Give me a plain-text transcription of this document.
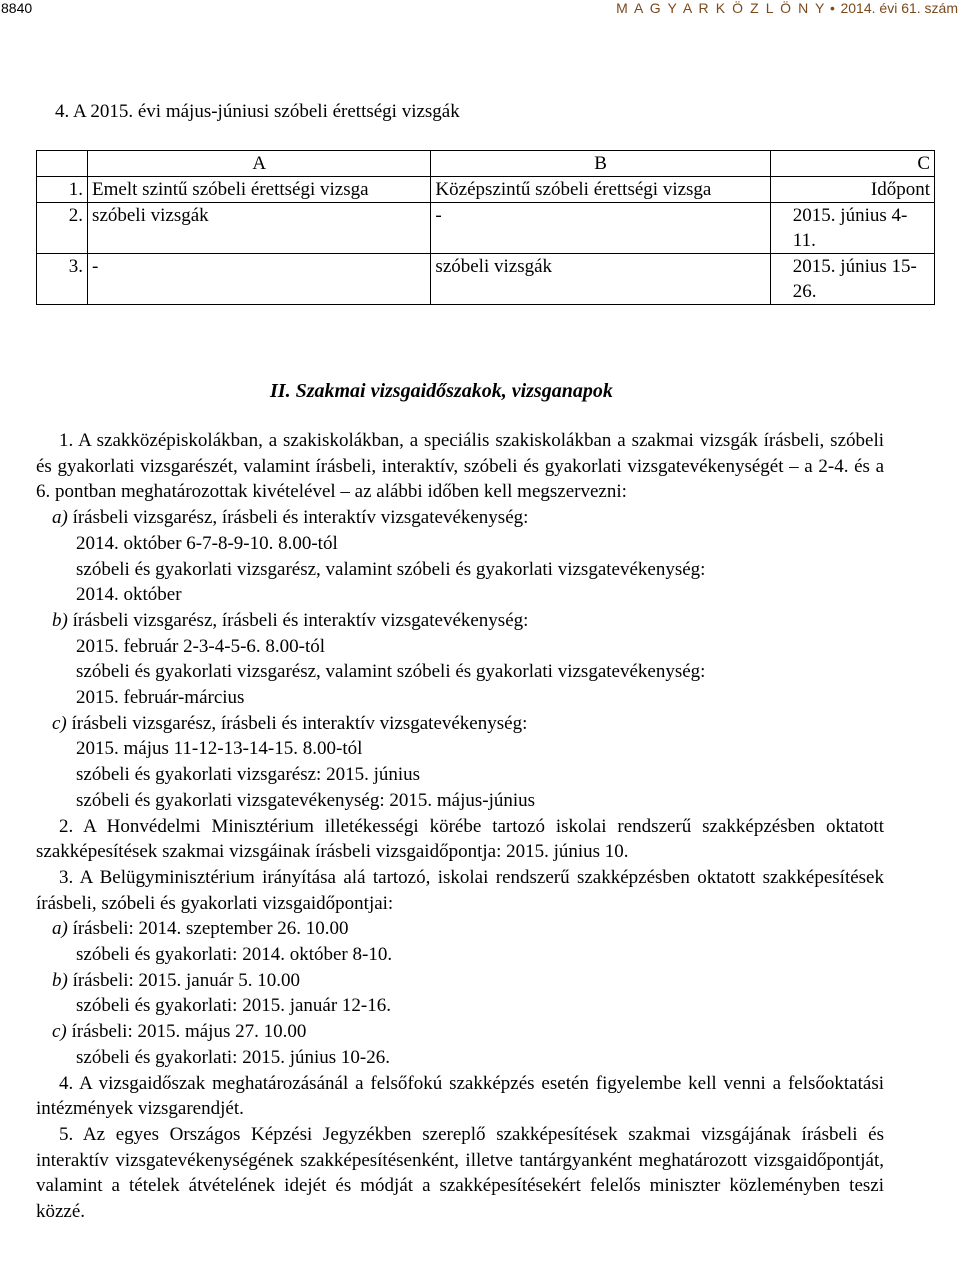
8840	M A G Y A R K Ö Z L Ö N Y • 2014. évi 61. szám
4. A 2015. évi május-júniusi szóbeli érettségi vizsgák
	A	B	C
1.	Emelt szintű szóbeli érettségi vizsga	Középszintű szóbeli érettségi vizsga	Időpont
2.	szóbeli vizsgák	-	2015. június 4-11.
3.	-	szóbeli vizsgák	2015. június 15-26.
II. Szakmai vizsgaidőszakok, vizsganapok

1. A szakközépiskolákban, a szakiskolákban, a speciális szakiskolákban a szakmai vizsgák írásbeli, szóbeli és gyakorlati vizsgarészét, valamint írásbeli, interaktív, szóbeli és gyakorlati vizsgatevékenységét – a 2-4. és a 6. pontban meghatározottak kivételével – az alábbi időben kell megszervezni:

a) írásbeli vizsgarész, írásbeli és interaktív vizsgatevékenység:

2014. október 6-7-8-9-10. 8.00-tól

szóbeli és gyakorlati vizsgarész, valamint szóbeli és gyakorlati vizsgatevékenység:

2014. október

b) írásbeli vizsgarész, írásbeli és interaktív vizsgatevékenység:

2015. február 2-3-4-5-6. 8.00-tól

szóbeli és gyakorlati vizsgarész, valamint szóbeli és gyakorlati vizsgatevékenység:

2015. február-március

c) írásbeli vizsgarész, írásbeli és interaktív vizsgatevékenység:

2015. május 11-12-13-14-15. 8.00-tól

szóbeli és gyakorlati vizsgarész: 2015. június

szóbeli és gyakorlati vizsgatevékenység: 2015. május-június

2. A Honvédelmi Minisztérium illetékességi körébe tartozó iskolai rendszerű szakképzésben oktatott szakképesítések szakmai vizsgáinak írásbeli vizsgaidőpontja: 2015. június 10.

3. A Belügyminisztérium irányítása alá tartozó, iskolai rendszerű szakképzésben oktatott szakképesítések írásbeli, szóbeli és gyakorlati vizsgaidőpontjai:

a) írásbeli: 2014. szeptember 26. 10.00

szóbeli és gyakorlati: 2014. október 8-10.

b) írásbeli: 2015. január 5. 10.00

szóbeli és gyakorlati: 2015. január 12-16.

c) írásbeli: 2015. május 27. 10.00

szóbeli és gyakorlati: 2015. június 10-26.

4. A vizsgaidőszak meghatározásánál a felsőfokú szakképzés esetén figyelembe kell venni a felsőoktatási intézmények vizsgarendjét.

5. Az egyes Országos Képzési Jegyzékben szereplő szakképesítések szakmai vizsgájának írásbeli és interaktív vizsgatevékenységének szakképesítésenként, illetve tantárgyanként meghatározott vizsgaidőpontját, valamint a tételek átvételének idejét és módját a szakképesítésekért felelős miniszter közleményben teszi közzé.
